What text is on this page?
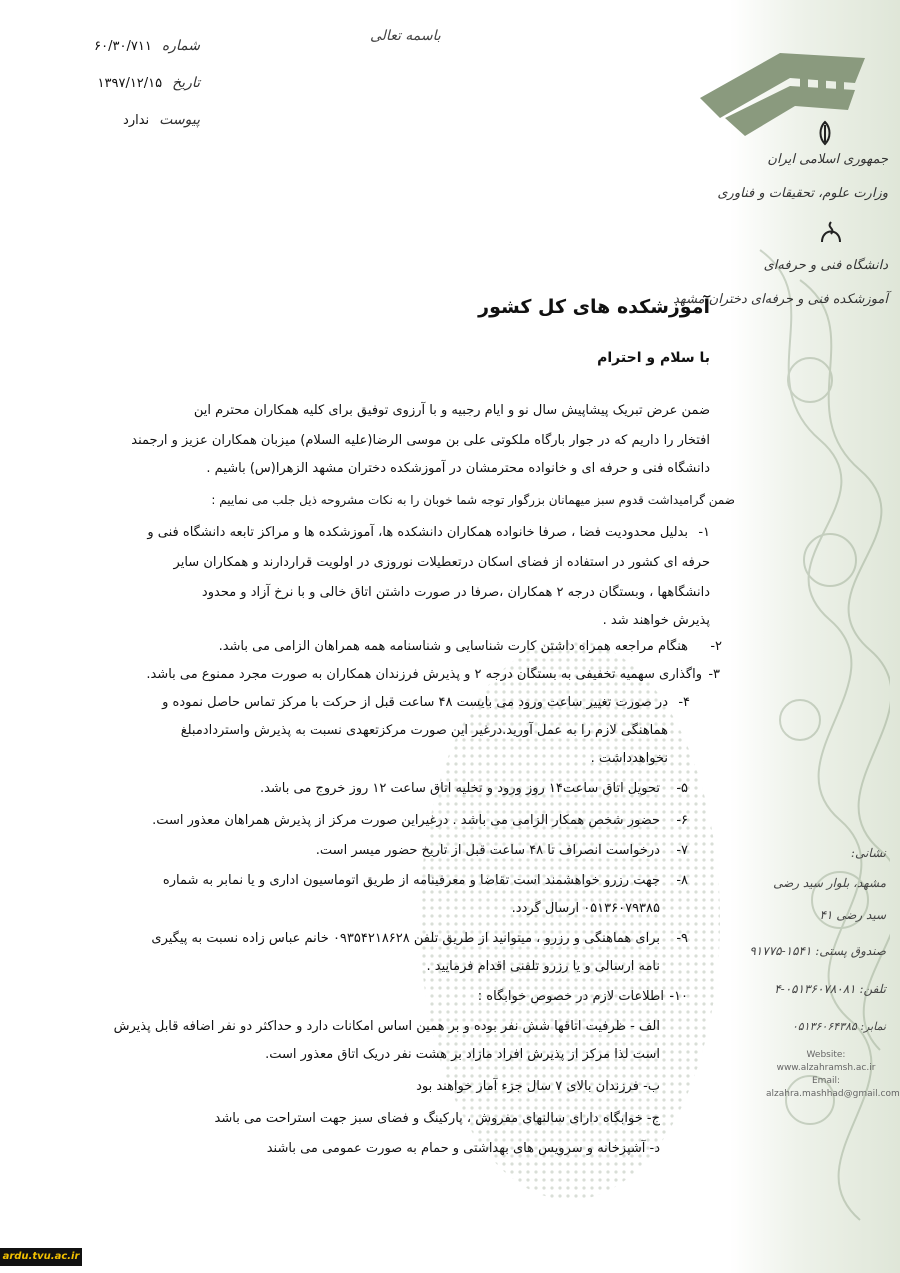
جمهوری اسلامی ایران
وزارت علوم، تحقیقات و فناوری
دانشگاه فنی و حرفه‌ای
آموزشکده فنی و حرفه‌ای دختران مشهد
نشانی:
مشهد، بلوار سید رضی
سید رضی ۴۱
صندوق پستی: ۱۵۴۱-۹۱۷۷۵
تلفن: ۰۵۱۳۶۰۷۸۰۸۱-۴
نمابر: ۰۵۱۳۶۰۶۴۳۸۵
Website:
www.alzahramsh.ac.ir
Email:
alzahra.mashhad@gmail.com
شماره
۶۰/۳۰/۷۱۱
تاریخ
۱۳۹۷/۱۲/۱۵
پیوست
ندارد
باسمه تعالی
آموزشکده های کل کشور
با سلام و احترام
ضمن عرض تبریک پیشاپیش سال نو و ایام رجبیه و با آرزوی توفیق برای کلیه همکاران محترم این
افتخار را داریم که در جوار بارگاه ملکوتی علی بن موسی الرضا(علیه السلام) میزبان همکاران عزیز و ارجمند
دانشگاه فنی و حرفه ای و خانواده محترمشان در آموزشکده دختران مشهد الزهرا(س) باشیم .
ضمن گرامیداشت قدوم سبز میهمانان بزرگوار توجه شما خوبان را به نکات مشروحه ذیل جلب می نماییم :
۱-
بدلیل محدودیت فضا ، صرفا خانواده همکاران دانشکده ها، آموزشکده ها و مراکز تابعه دانشگاه فنی و
حرفه ای کشور در استفاده از فضای اسکان درتعطیلات نوروزی در اولویت قراردارند و همکاران سایر
دانشگاهها ، وبستگان درجه ۲ همکاران ،صرفا در صورت داشتن اتاق خالی و با نرخ آزاد و محدود
پذیرش خواهند شد .
۲-
هنگام مراجعه همراه داشتن کارت شناسایی و شناسنامه همه همراهان الزامی می باشد.
۳-
واگذاری سهمیه تخفیفی به بستگان درجه ۲ و پذیرش فرزندان همکاران به صورت مجرد ممنوع می باشد.
۴-
در صورت تغییر ساعت ورود می بایست ۴۸ ساعت قبل از حرکت با مرکز تماس حاصل نموده و
هماهنگی لازم را به عمل آورید.درغیر این صورت مرکزتعهدی نسبت به پذیرش واستردادمبلغ
نخواهدداشت .
۵-
تحویل اتاق ساعت۱۴ روز ورود و تخلیه اتاق ساعت ۱۲ روز خروج می باشد.
۶-
حضور شخص همکار الزامی می باشد . درغیراین صورت مرکز از پذیرش همراهان معذور است.
۷-
درخواست انصراف تا ۴۸ ساعت قبل از تاریخ حضور میسر است.
۸-
جهت رزرو خواهشمند است تقاضا و معرفینامه از طریق اتوماسیون اداری و یا نمابر به شماره
۰۵۱۳۶۰۷۹۳۸۵ ارسال گردد.
۹-
برای هماهنگی و رزرو ، میتوانید از طریق تلفن ۰۹۳۵۴۲۱۸۶۲۸ خانم عباس زاده نسبت به پیگیری
نامه ارسالی و یا رزرو تلفنی اقدام فرمایید .
۱۰-
اطلاعات لازم در خصوص خوابگاه :
الف - ظرفیت اتاقها شش نفر بوده و بر همین اساس امکانات دارد و حداکثر دو نفر اضافه قابل پذیرش
است لذا مرکز از پذیرش افراد مازاد بر هشت نفر دریک اتاق معذور است.
ب- فرزندان بالای ۷ سال جزء آمار خواهند بود
ج- خوابگاه دارای سالنهای مفروش ، پارکینگ و فضای سبز جهت استراحت می باشد
د- آشپزخانه و سرویس های بهداشتی و حمام به صورت عمومی می باشند
ardu.tvu.ac.ir
